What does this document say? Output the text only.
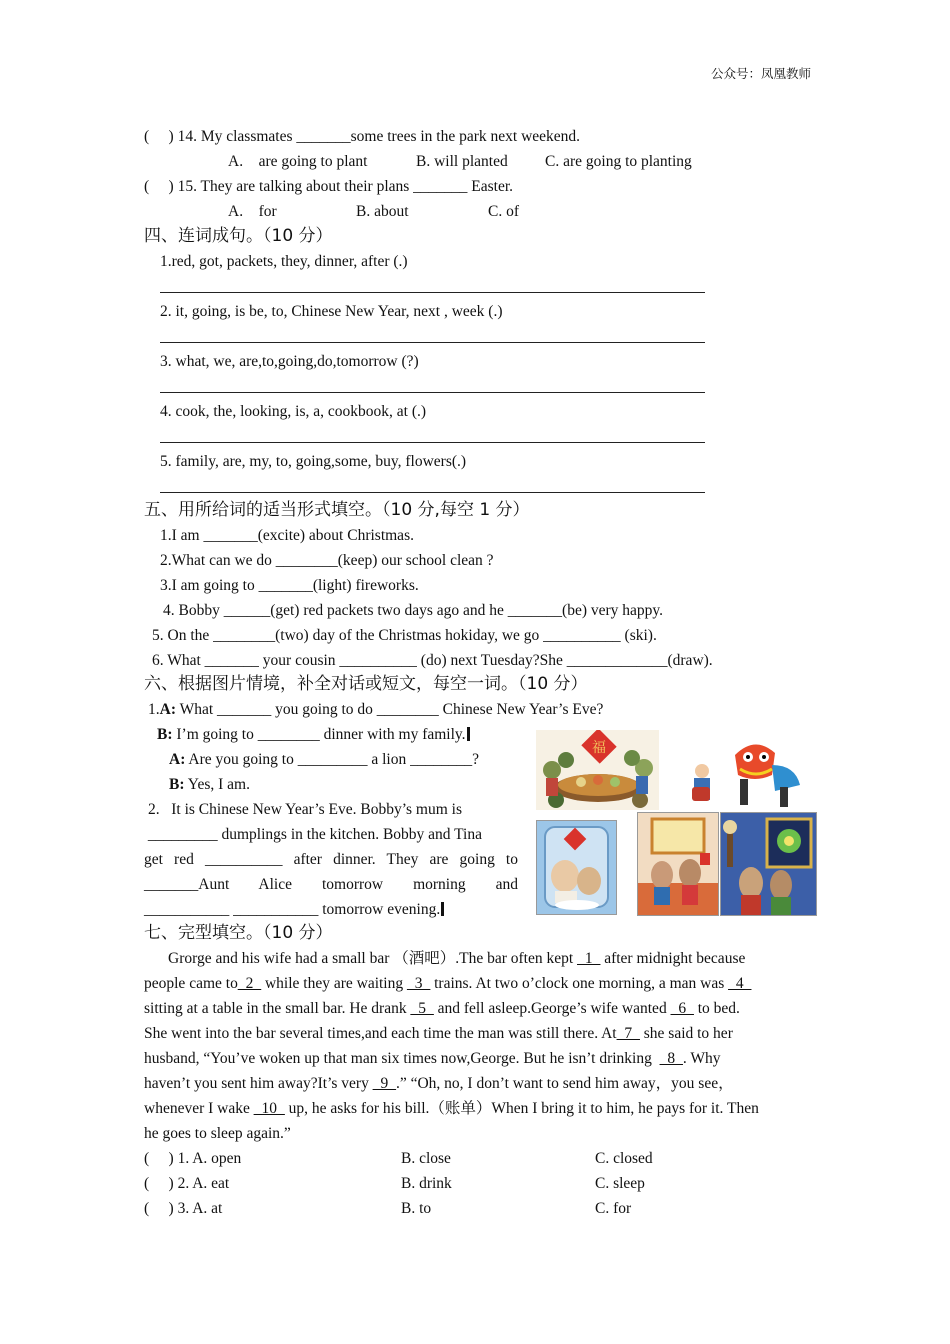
公众号：凤凰教师
(     ) 14. My classmates _______some trees in the park next weekend.
A.    are going to plant	B. will planted C. are going to planting
(     ) 15. They are talking about their plans _______ Easter.
A.    for	B. about	C. of
四、连词成句。（10 分）
1.red, got, packets, they, dinner, after (.)
2. it, going, is be, to, Chinese New Year, next , week (.)
3. what, we, are,to,going,do,tomorrow (?)
4. cook, the, looking, is, a, cookbook, at (.)
5. family, are, my, to, going,some, buy, flowers(.)
五、用所给词的适当形式填空。（10 分,每空 1 分）
1.I am _______(excite) about Christmas.
2.What can we do ________(keep) our school clean ?
3.I am going to _______(light) fireworks.
4. Bobby ______(get) red packets two days ago and he _______(be) very happy.
5. On the ________(two) day of the Christmas hokiday, we go __________ (ski).
6. What _______ your cousin __________ (do) next Tuesday?She _____________(draw).
六、根据图片情境，补全对话或短文，每空一词。（10 分）
1.A: What _______ you going to do ________ Chinese New Year’s Eve?
B: I’m going to ________ dinner with my family.
A: Are you going to _________ a lion ________?
B: Yes, I am.
2.   It is Chinese New Year’s Eve. Bobby’s mum is
_________ dumplings in the kitchen. Bobby and Tina
get red __________ after dinner. They are going to
_______Aunt Alice tomorrow morning and
___________ ___________ tomorrow evening.
福
七、完型填空。（10 分）
Grorge and his wife had a small bar （酒吧）.The bar often kept _1_ after midnight because
people came to_2_ while they are waiting _3_ trains. At two o’clock one morning, a man was _4_
sitting at a table in the small bar. He drank _5_ and fell asleep.George’s wife wanted _6_ to bed.
She went into the bar several times,and each time the man was still there. At_7_ she said to her
husband, “You’ve woken up that man six times now,George. But he isn’t drinking  _8_. Why
haven’t you sent him away?It’s very _9_.” “Oh, no, I don’t want to send him away，you see，
whenever I wake _10_ up, he asks for his bill.（账单）When I bring it to him, he pays for it. Then
he goes to sleep again.”
(     ) 1. A. open	B. close	C. closed
(     ) 2. A. eat	B. drink	C. sleep
(     ) 3. A. at	B. to	C. for
